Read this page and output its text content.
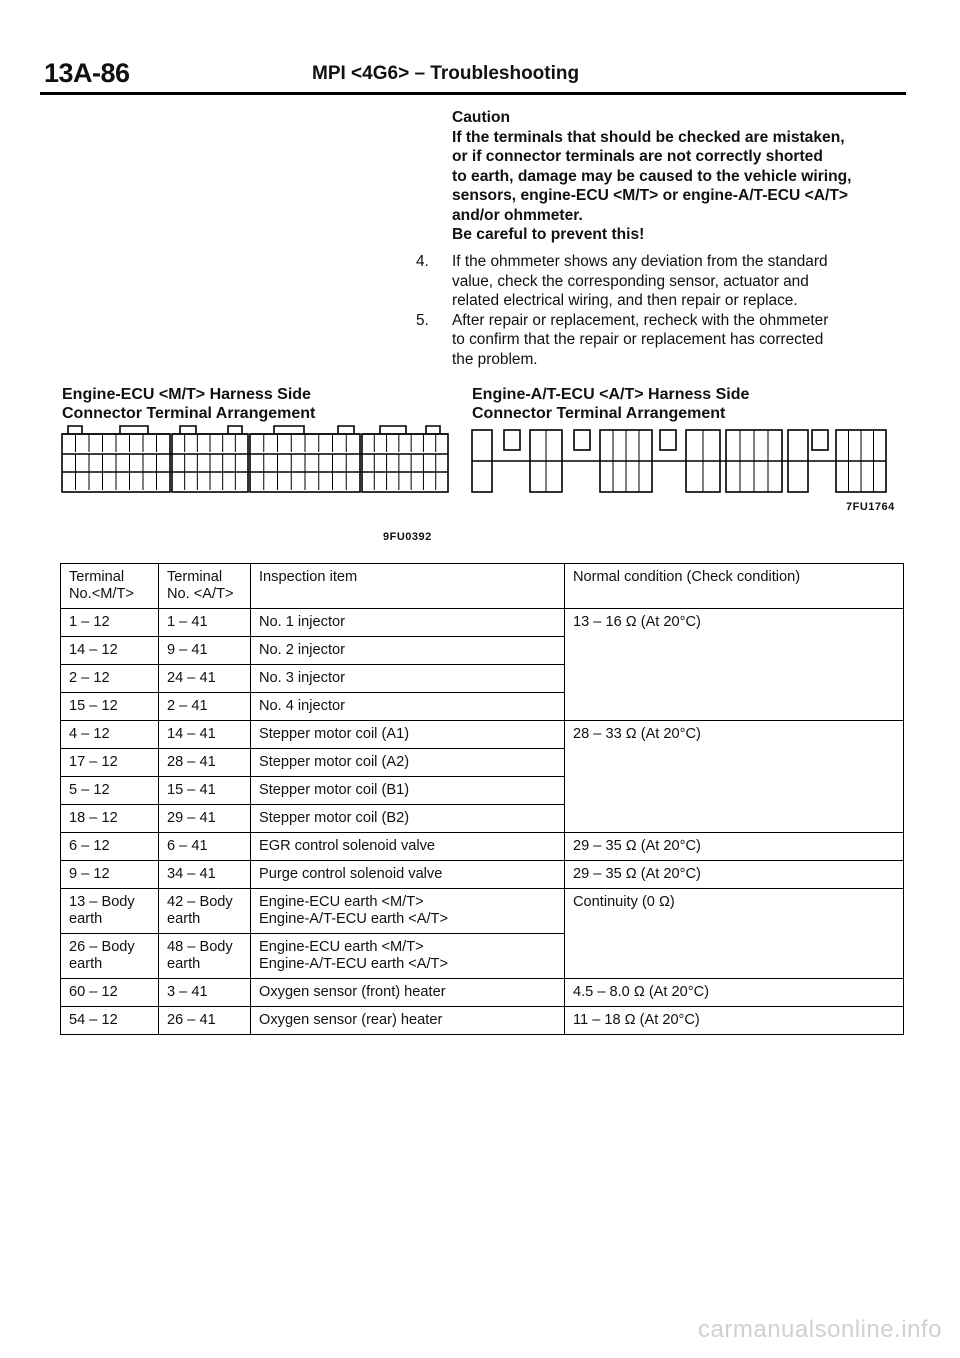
13A-86	MPI <4G6> – Troubleshooting
Caution
If the terminals that should be checked are mistaken,
or if connector terminals are not correctly shorted
to earth, damage may be caused to the vehicle wiring,
sensors, engine-ECU <M/T> or engine-A/T-ECU <A/T>
and/or ohmmeter.
Be careful to prevent this!
4.	If the ohmmeter shows any deviation from the standard
value, check the corresponding sensor, actuator and
related electrical wiring, and then repair or replace.
5.	After repair or replacement, recheck with the ohmmeter
to confirm that the repair or replacement has corrected
the problem.
Engine-ECU <M/T> Harness Side
Connector Terminal Arrangement
Engine-A/T-ECU <A/T> Harness Side
Connector Terminal Arrangement
9FU0392
7FU1764
Terminal
No.<M/T>	Terminal
No. <A/T>	Inspection item	Normal condition (Check condition)

1 – 12	1 – 41	No. 1 injector	13 – 16 Ω (At 20°C)

14 – 12	9 – 41	No. 2 injector	

2 – 12	24 – 41	No. 3 injector	

15 – 12	2 – 41	No. 4 injector	

4 – 12	14 – 41	Stepper motor coil (A1)	28 – 33 Ω (At 20°C)

17 – 12	28 – 41	Stepper motor coil (A2)	

5 – 12	15 – 41	Stepper motor coil (B1)	

18 – 12	29 – 41	Stepper motor coil (B2)	

6 – 12	6 – 41	EGR control solenoid valve	29 – 35 Ω (At 20°C)

9 – 12	34 – 41	Purge control solenoid valve	29 – 35 Ω (At 20°C)

13 – Body
earth	42 – Body
earth	Engine-ECU earth <M/T>
Engine-A/T-ECU earth <A/T>	Continuity (0 Ω)

26 – Body
earth	48 – Body
earth	Engine-ECU earth <M/T>
Engine-A/T-ECU earth <A/T>	

60 – 12	3 – 41	Oxygen sensor (front) heater	4.5 – 8.0 Ω (At 20°C)

54 – 12	26 – 41	Oxygen sensor (rear) heater	11 – 18 Ω (At 20°C)
carmanualsonline.info
